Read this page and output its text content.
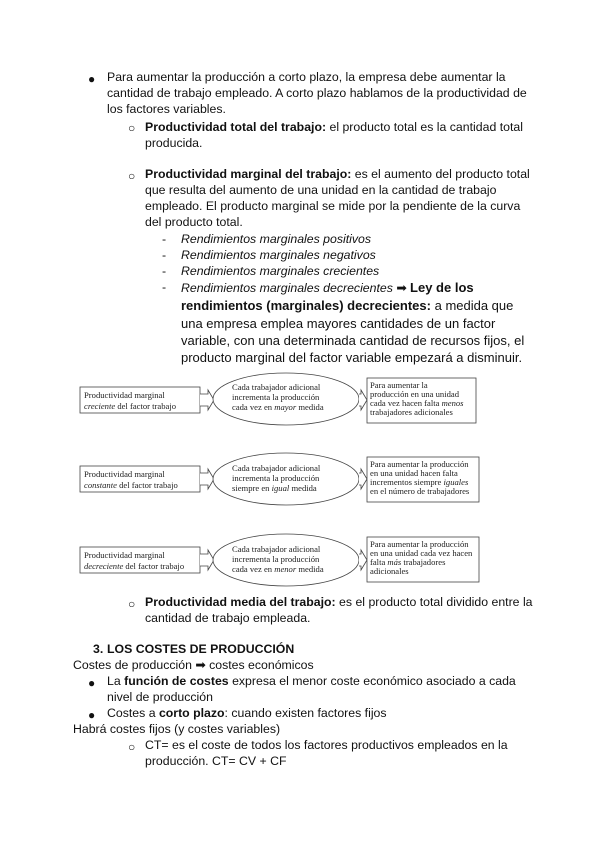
● Para aumentar la producción a corto plazo, la empresa debe aumentar la
cantidad de trabajo empleado. A corto plazo hablamos de la productividad de
los factores variables.
○ Productividad total del trabajo: el producto total es la cantidad total
producida.
○ Productividad marginal del trabajo: es el aumento del producto total
que resulta del aumento de una unidad en la cantidad de trabajo
empleado. El producto marginal se mide por la pendiente de la curva
del producto total.
- Rendimientos marginales positivos
- Rendimientos marginales negativos
- Rendimientos marginales crecientes
- Rendimientos marginales decrecientes ➡ Ley de los
rendimientos (marginales) decrecientes: a medida que
una empresa emplea mayores cantidades de un factor
variable, con una determinada cantidad de recursos fijos, el
producto marginal del factor variable empezará a disminuir.
Productividad marginal
creciente del factor trabajo
Cada trabajador adicional
incrementa la producción
cada vez en mayor medida
Para aumentar la
producción en una unidad
cada vez hacen falta menos
trabajadores adicionales
Productividad marginal
constante del factor trabajo
Cada trabajador adicional
incrementa la producción
siempre en igual medida
Para aumentar la producción
en una unidad hacen falta
incrementos siempre iguales
en el número de trabajadores
Productividad marginal
decreciente del factor trabajo
Cada trabajador adicional
incrementa la producción
cada vez en menor medida
Para aumentar la producción
en una unidad cada vez hacen
falta más trabajadores
adicionales
○ Productividad media del trabajo: es el producto total dividido entre la
cantidad de trabajo empleada.
3. LOS COSTES DE PRODUCCIÓN
Costes de producción ➡ costes económicos
● La función de costes expresa el menor coste económico asociado a cada
nivel de producción
● Costes a corto plazo: cuando existen factores fijos
Habrá costes fijos (y costes variables)
○ CT= es el coste de todos los factores productivos empleados en la
producción. CT= CV + CF
